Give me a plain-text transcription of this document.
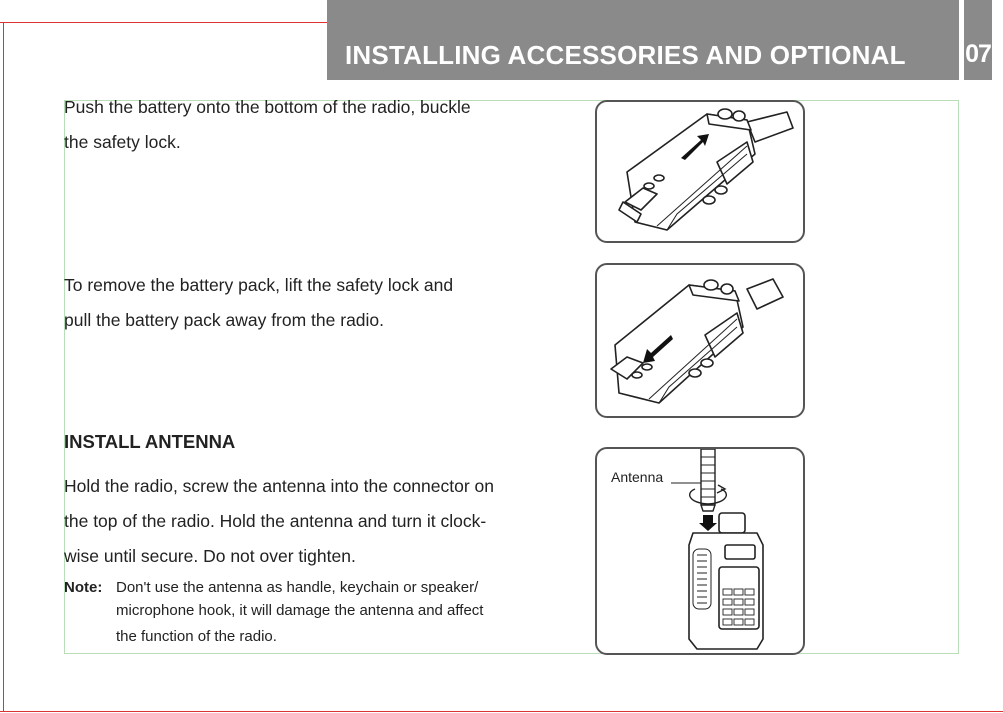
INSTALLING ACCESSORIES AND OPTIONAL 07
Push the battery onto the bottom of the radio, buckle
the safety lock.
To remove the battery pack, lift the safety lock and
pull the battery pack away from the radio.
INSTALL ANTENNA
Hold the radio, screw the antenna into the connector on
the top of the radio. Hold the antenna and turn it clock-
wise until secure. Do not over tighten.
Note: Don't use the antenna as handle, keychain or speaker/
microphone hook, it will damage the antenna and affect
the function of the radio.
Antenna
